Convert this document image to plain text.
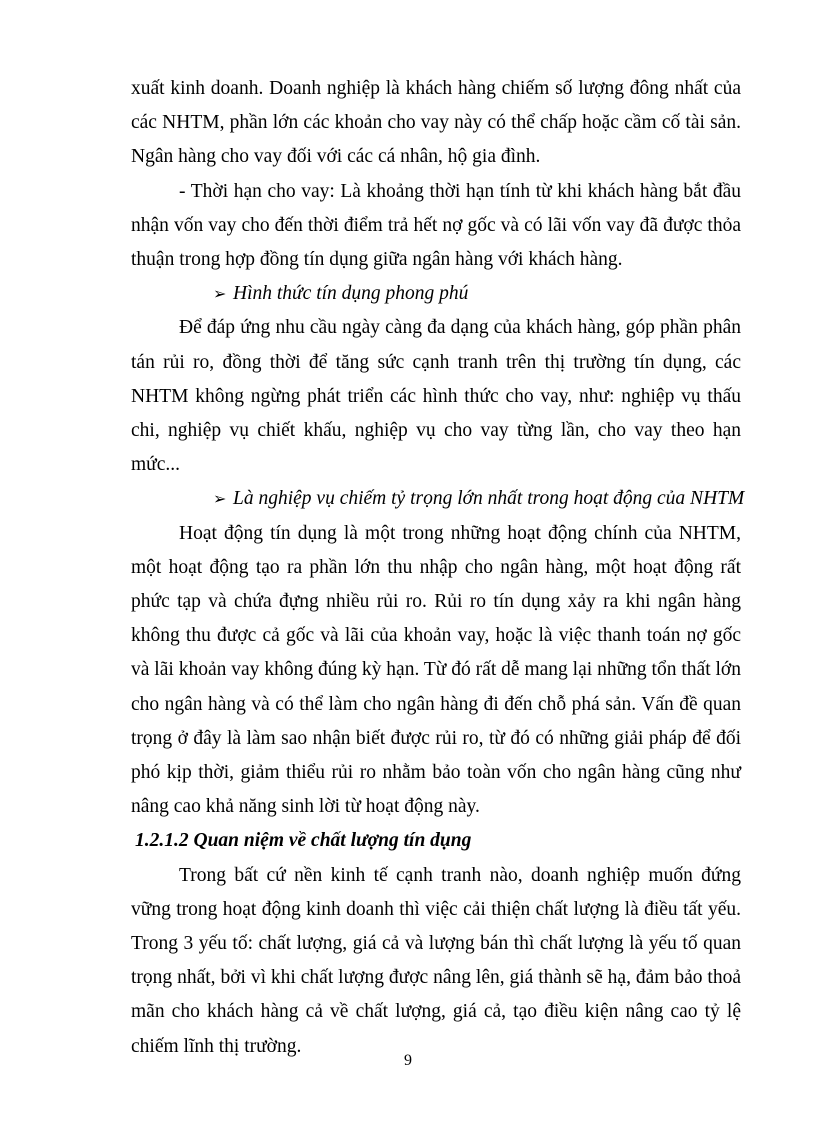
xuất kinh doanh. Doanh nghiệp là khách hàng chiếm số lượng đông nhất của các NHTM, phần lớn các khoản cho vay này có thể chấp hoặc cầm cố tài sản. Ngân hàng cho vay đối với các cá nhân, hộ gia đình.

- Thời hạn cho vay: Là khoảng thời hạn tính từ khi khách hàng bắt đầu nhận vốn vay cho đến thời điểm trả hết nợ gốc và có lãi vốn vay đã được thỏa thuận trong hợp đồng tín dụng giữa ngân hàng với khách hàng.

➢ Hình thức tín dụng phong phú

Để đáp ứng nhu cầu ngày càng đa dạng của khách hàng, góp phần phân tán rủi ro, đồng thời để tăng sức cạnh tranh trên thị trường tín dụng, các NHTM không ngừng phát triển các hình thức cho vay, như: nghiệp vụ thấu chi, nghiệp vụ chiết khấu, nghiệp vụ cho vay từng lần, cho vay theo hạn mức...

➢ Là nghiệp vụ chiếm tỷ trọng lớn nhất trong hoạt động của NHTM

Hoạt động tín dụng là một trong những hoạt động chính của NHTM, một hoạt động tạo ra phần lớn thu nhập cho ngân hàng, một hoạt động rất phức tạp và chứa đựng nhiều rủi ro. Rủi ro tín dụng xảy ra khi ngân hàng không thu được cả gốc và lãi của khoản vay, hoặc là việc thanh toán nợ gốc và lãi khoản vay không đúng kỳ hạn. Từ đó rất dễ mang lại những tổn thất lớn cho ngân hàng và có thể làm cho ngân hàng đi đến chỗ phá sản. Vấn đề quan trọng ở đây là làm sao nhận biết được rủi ro, từ đó có những giải pháp để đối phó kịp thời, giảm thiểu rủi ro nhằm bảo toàn vốn cho ngân hàng cũng như nâng cao khả năng sinh lời từ hoạt động này.

1.2.1.2 Quan niệm về chất lượng tín dụng

Trong bất cứ nền kinh tế cạnh tranh nào, doanh nghiệp muốn đứng vững trong hoạt động kinh doanh thì việc cải thiện chất lượng là điều tất yếu. Trong 3 yếu tố: chất lượng, giá cả và lượng bán thì chất lượng là yếu tố quan trọng nhất, bởi vì khi chất lượng được nâng lên, giá thành sẽ hạ, đảm bảo thoả mãn cho khách hàng cả về chất lượng, giá cả, tạo điều kiện nâng cao tỷ lệ chiếm lĩnh thị trường.

9
